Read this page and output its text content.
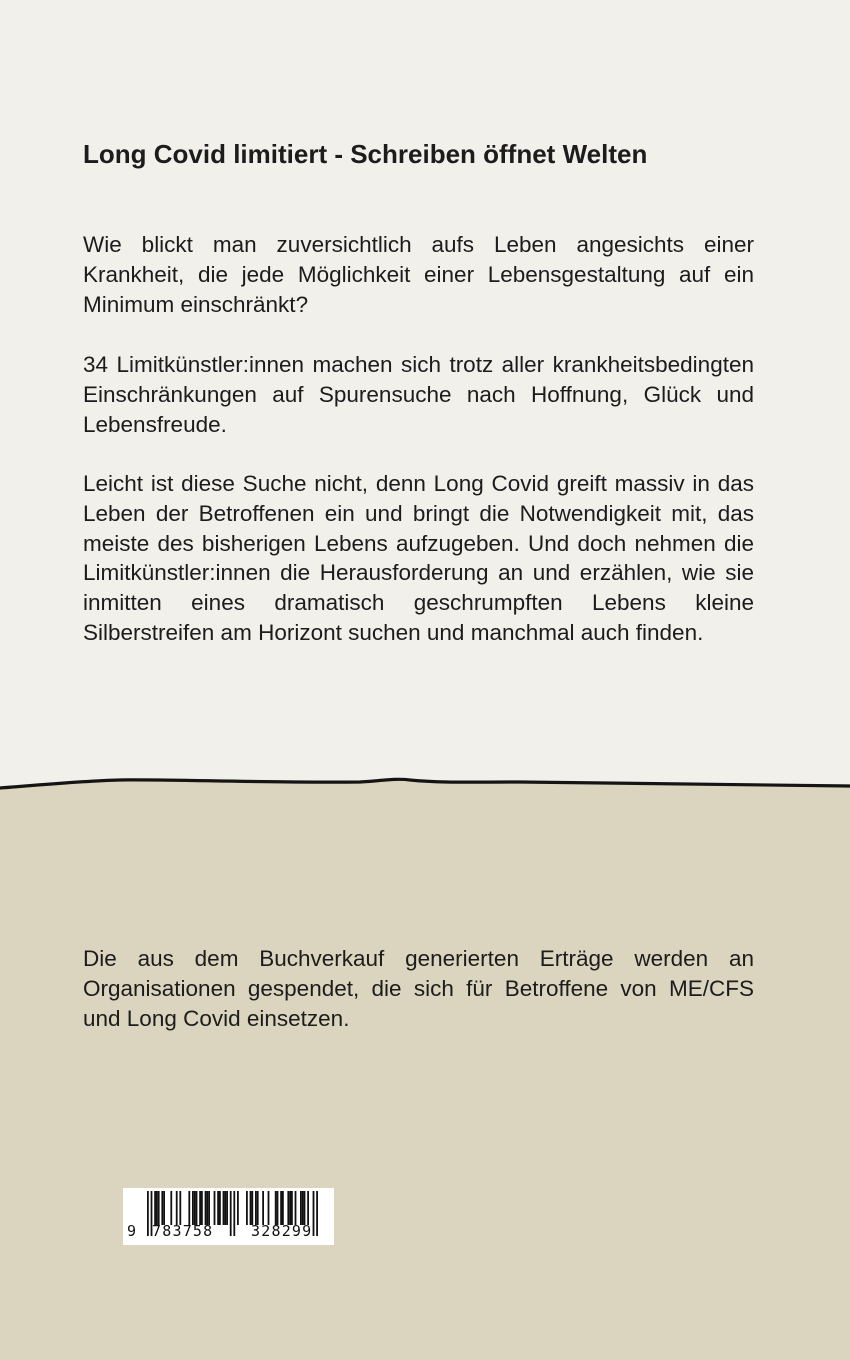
Long Covid limitiert - Schreiben öffnet Welten

Wie blickt man zuversichtlich aufs Leben angesichts einer Krankheit, die jede Möglichkeit einer Lebensgestaltung auf ein Minimum einschränkt?

34 Limitkünstler:innen machen sich trotz aller krankheitsbedingten Einschränkungen auf Spurensuche nach Hoffnung, Glück und Lebensfreude.

Leicht ist diese Suche nicht, denn Long Covid greift massiv in das Leben der Betroffenen ein und bringt die Notwendigkeit mit, das meiste des bisherigen Lebens aufzugeben. Und doch nehmen die Limitkünstler:innen die Herausforderung an und erzählen, wie sie inmitten eines dramatisch geschrumpften Lebens kleine Silberstreifen am Horizont suchen und manchmal auch finden.

Die aus dem Buchverkauf generierten Erträge werden an Organisationen gespendet, die sich für Betroffene von ME/CFS und Long Covid einsetzen.

9 783758	328299
